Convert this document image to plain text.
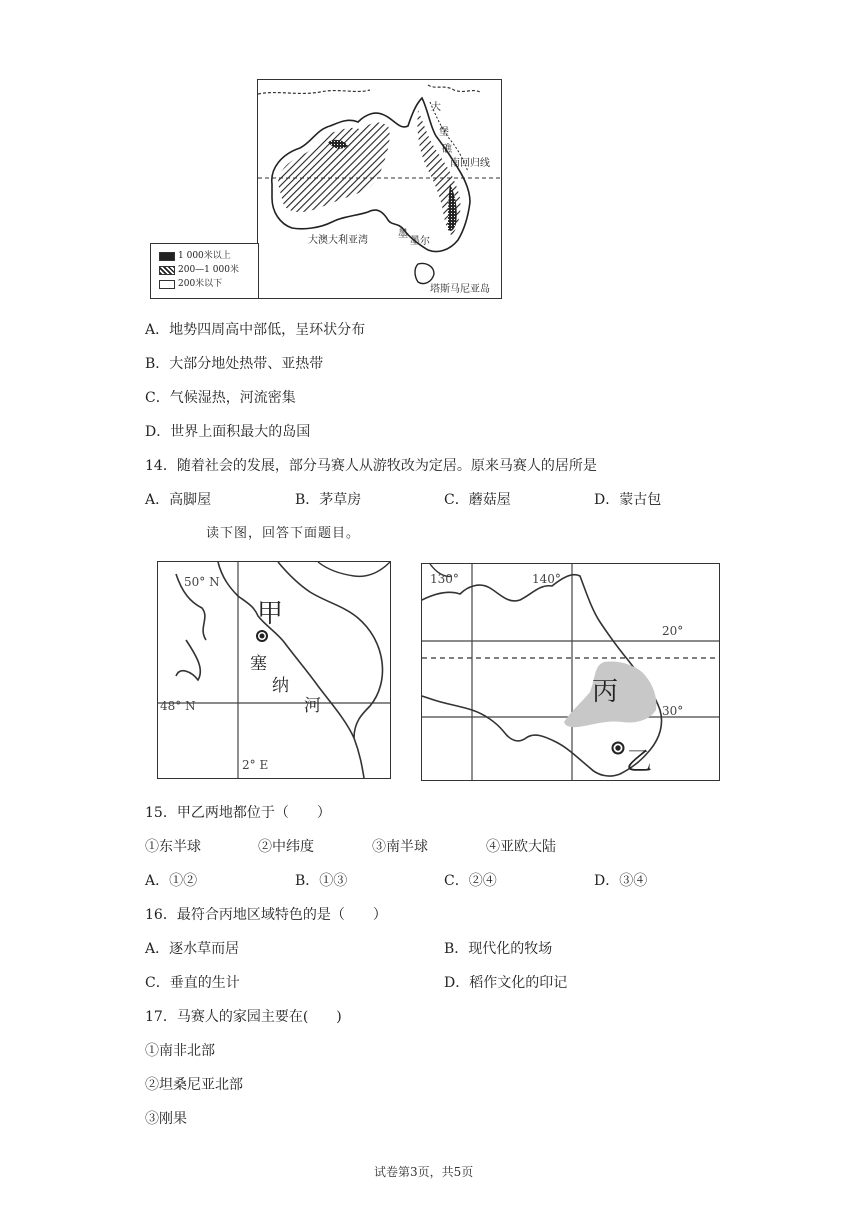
大
堡
礁
南回归线
大澳大利亚湾
墨
墨尔
塔斯马尼亚岛
1 000米以上
200—1 000米
200米以下
A．地势四周高中部低，呈环状分布
B．大部分地处热带、亚热带
C．气候湿热，河流密集
D．世界上面积最大的岛国
14．随着社会的发展，部分马赛人从游牧改为定居。原来马赛人的居所是
A．高脚屋	B．茅草房	C．蘑菇屋	D．蒙古包
读下图，回答下面题目。
50° N
48° N
2° E
甲
塞
纳
河
130°	140°
20°
30°
丙
乙
15．甲乙两地都位于（　　）
①东半球	②中纬度	③南半球	④亚欧大陆
A．①②	B．①③	C．②④	D．③④
16．最符合丙地区域特色的是（　　）
A．逐水草而居	B．现代化的牧场
C．垂直的生计	D．稻作文化的印记
17．马赛人的家园主要在(　　)
①南非北部
②坦桑尼亚北部
③刚果
试卷第3页，共5页
